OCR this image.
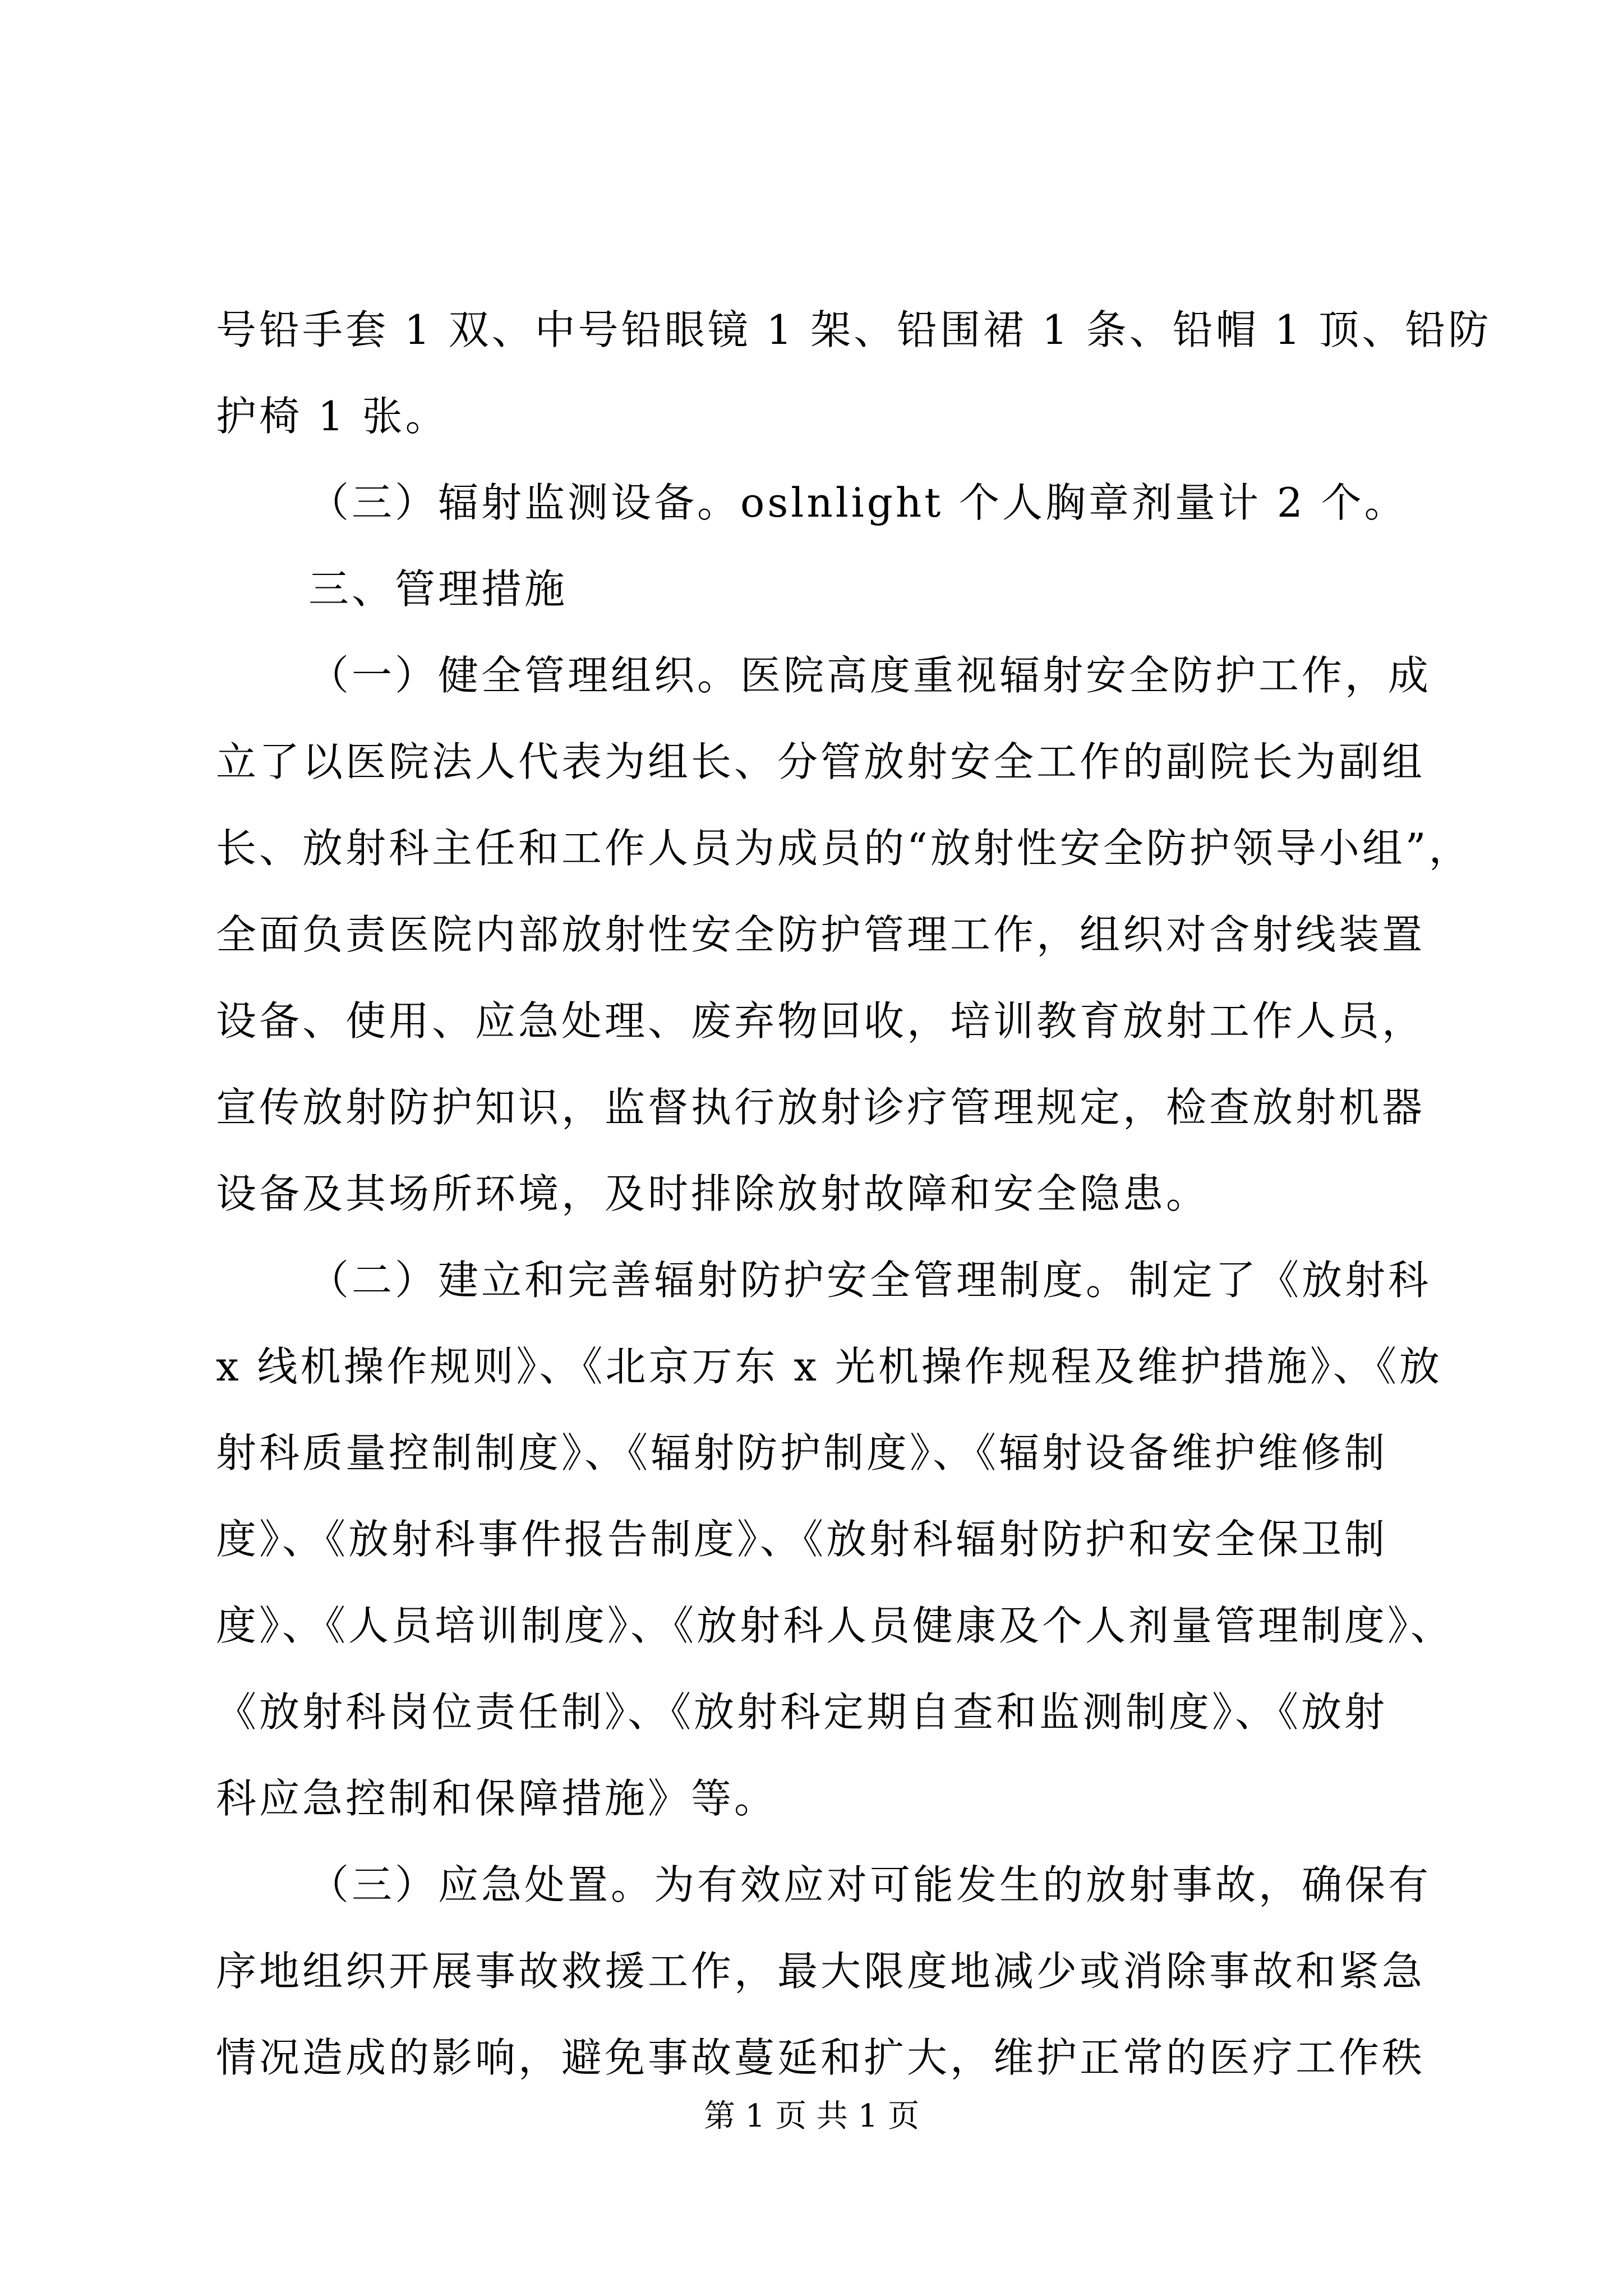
号铅手套 1 双、中号铅眼镜 1 架、铅围裙 1 条、铅帽 1 顶、铅防
护椅 1 张。
（三）辐射监测设备。oslnlight 个人胸章剂量计 2 个。
三、管理措施
（一）健全管理组织。医院高度重视辐射安全防护工作，成
立了以医院法人代表为组长、分管放射安全工作的副院长为副组
长、放射科主任和工作人员为成员的“放射性安全防护领导小组”，
全面负责医院内部放射性安全防护管理工作，组织对含射线装置
设备、使用、应急处理、废弃物回收，培训教育放射工作人员，
宣传放射防护知识，监督执行放射诊疗管理规定，检查放射机器
设备及其场所环境，及时排除放射故障和安全隐患。
（二）建立和完善辐射防护安全管理制度。制定了《放射科
x 线机操作规则》、《北京万东 x 光机操作规程及维护措施》、《放
射科质量控制制度》、《辐射防护制度》、《辐射设备维护维修制
度》、《放射科事件报告制度》、《放射科辐射防护和安全保卫制
度》、《人员培训制度》、《放射科人员健康及个人剂量管理制度》、
《放射科岗位责任制》、《放射科定期自查和监测制度》、《放射
科应急控制和保障措施》等。
（三）应急处置。为有效应对可能发生的放射事故，确保有
序地组织开展事故救援工作，最大限度地减少或消除事故和紧急
情况造成的影响，避免事故蔓延和扩大，维护正常的医疗工作秩
第 1 页 共 1 页
